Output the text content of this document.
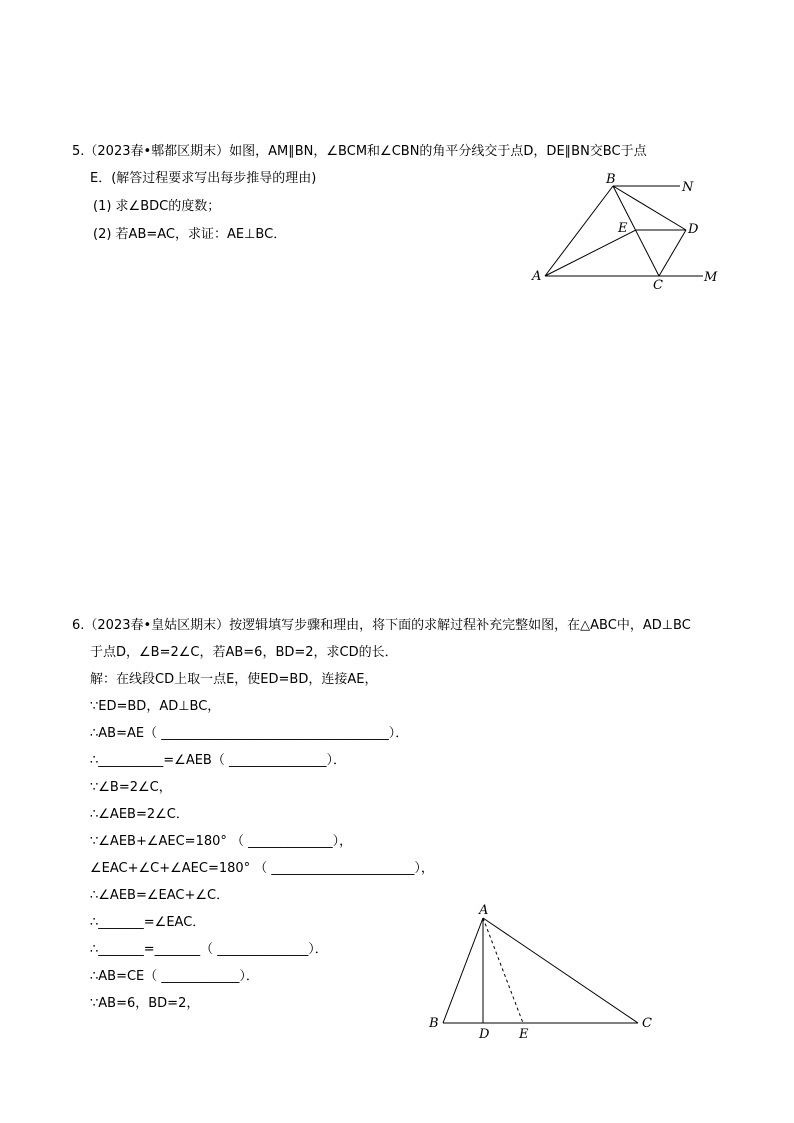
5.（2023春•郫都区期末）如图，AM∥BN，∠BCM和∠CBN的角平分线交于点D，DE∥BN交BC于点
E．(解答过程要求写出每步推导的理由)
(1) 求∠BDC的度数；
(2) 若AB=AC，求证：AE⊥BC．
B
N
E	D
A
C
M
6.（2023春•皇姑区期末）按逻辑填写步骤和理由，将下面的求解过程补充完整如图，在△ABC中，AD⊥BC
于点D，∠B=2∠C，若AB=6，BD=2，求CD的长．
解：在线段CD上取一点E，使ED=BD，连接AE，
∵ED=BD，AD⊥BC，
∴AB=AE（ ___________________________________）．
∴__________=∠AEB（ _______________）．
∵∠B=2∠C，
∴∠AEB=2∠C．
∵∠AEB+∠AEC=180° （ _____________），
∠EAC+∠C+∠AEC=180° （ ______________________），
∴∠AEB=∠EAC+∠C．
∴_______=∠EAC．
∴_______=_______（ ______________）．
∴AB=CE（ ____________）．
∵AB=6，BD=2，
A
B
D E
C
